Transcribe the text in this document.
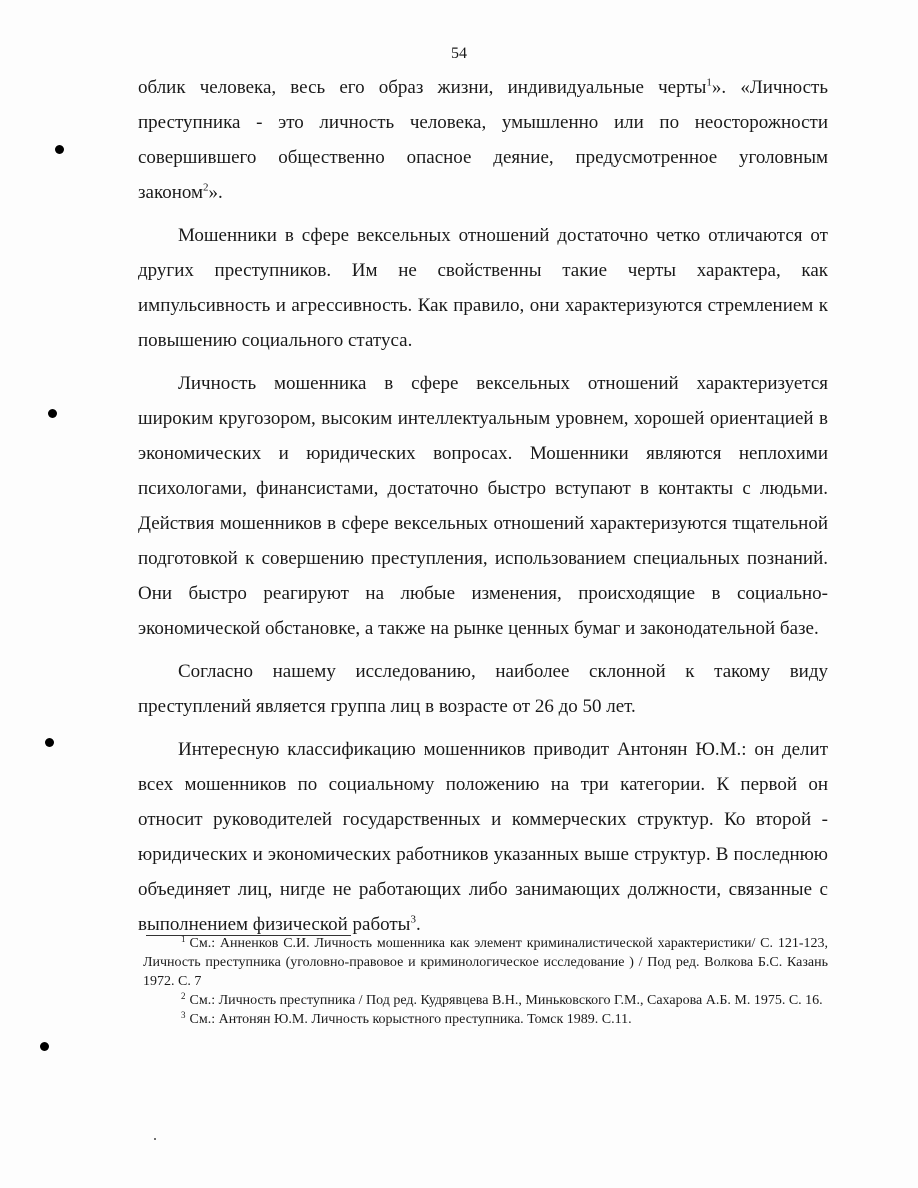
54

облик человека, весь его образ жизни, индивидуальные черты$^1$». «Личность преступника - это личность человека, умышленно или по неосторожности совершившего общественно опасное деяние, предусмотренное уголовным законом$^2$».

Мошенники в сфере вексельных отношений достаточно четко отличаются от других преступников. Им не свойственны такие черты характера, как импульсивность и агрессивность. Как правило, они характеризуются стремлением к повышению социального статуса.

Личность мошенника в сфере вексельных отношений характеризуется широким кругозором, высоким интеллектуальным уровнем, хорошей ориентацией в экономических и юридических вопросах. Мошенники являются неплохими психологами, финансистами, достаточно быстро вступают в контакты с людьми. Действия мошенников в сфере вексельных отношений характеризуются тщательной подготовкой к совершению преступления, использованием специальных познаний. Они быстро реагируют на любые изменения, происходящие в социально-экономической обстановке, а также на рынке ценных бумаг и законодательной базе.

Согласно нашему исследованию, наиболее склонной к такому виду преступлений является группа лиц в возрасте от 26 до 50 лет.

Интересную классификацию мошенников приводит Антонян Ю.М.: он делит всех мошенников по социальному положению на три категории. К первой он относит руководителей государственных и коммерческих структур. Ко второй - юридических и экономических работников указанных выше структур. В последнюю объединяет лиц, нигде не работающих либо занимающих должности, связанные с выполнением физической работы$^3$.

$^1$ См.: Анненков С.И. Личность мошенника как элемент криминалистической характеристики/ С. 121-123, Личность преступника (уголовно-правовое и криминологическое исследование ) / Под ред. Волкова Б.С. Казань 1972. С. 7

$^2$ См.: Личность преступника / Под ред. Кудрявцева В.Н., Миньковского Г.М., Сахарова А.Б. М. 1975. С. 16.

$^3$ См.: Антонян Ю.М. Личность корыстного преступника. Томск 1989. С.11.
